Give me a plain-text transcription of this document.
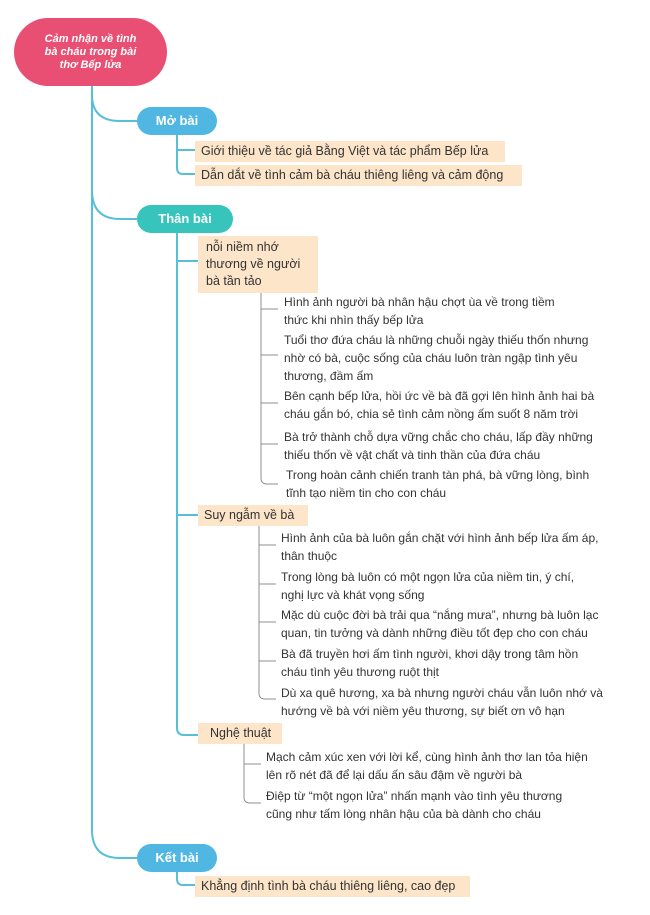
Cảm nhận về tình
bà cháu trong bài
thơ Bếp lửa
Mở bài
Giới thiệu về tác giả Bằng Việt và tác phẩm Bếp lửa
Dẫn dắt về tình cảm bà cháu thiêng liêng và cảm động
Thân bài
nỗi niềm nhớ
thương về người
bà tần tảo
Hình ảnh người bà nhân hậu chợt ùa về trong tiềm
thức khi nhìn thấy bếp lửa
Tuổi thơ đứa cháu là những chuỗi ngày thiếu thốn nhưng
nhờ có bà, cuộc sống của cháu luôn tràn ngập tình yêu
thương, đầm ấm
Bên cạnh bếp lửa, hồi ức về bà đã gợi lên hình ảnh hai bà
cháu gắn bó, chia sẻ tình cảm nồng ấm suốt 8 năm trời
Bà trở thành chỗ dựa vững chắc cho cháu, lấp đầy những
thiếu thốn về vật chất và tinh thần của đứa cháu
Trong hoàn cảnh chiến tranh tàn phá, bà vững lòng, bình
tĩnh tạo niềm tin cho con cháu
Suy ngẫm về bà
Hình ảnh của bà luôn gắn chặt với hình ảnh bếp lửa ấm áp,
thân thuộc
Trong lòng bà luôn có một ngọn lửa của niềm tin, ý chí,
nghị lực và khát vọng sống
Mặc dù cuộc đời bà trải qua “nắng mưa”, nhưng bà luôn lạc
quan, tin tưởng và dành những điều tốt đẹp cho con cháu
Bà đã truyền hơi ấm tình người, khơi dậy trong tâm hồn
cháu tình yêu thương ruột thịt
Dù xa quê hương, xa bà nhưng người cháu vẫn luôn nhớ và
hướng về bà với niềm yêu thương, sự biết ơn vô hạn
Nghệ thuật
Mạch cảm xúc xen với lời kể, cùng hình ảnh thơ lan tỏa hiện
lên rõ nét đã để lại dấu ấn sâu đậm về người bà
Điệp từ “một ngọn lửa” nhấn mạnh vào tình yêu thương
cũng như tấm lòng nhân hậu của bà dành cho cháu
Kết bài
Khẳng định tình bà cháu thiêng liêng, cao đẹp
